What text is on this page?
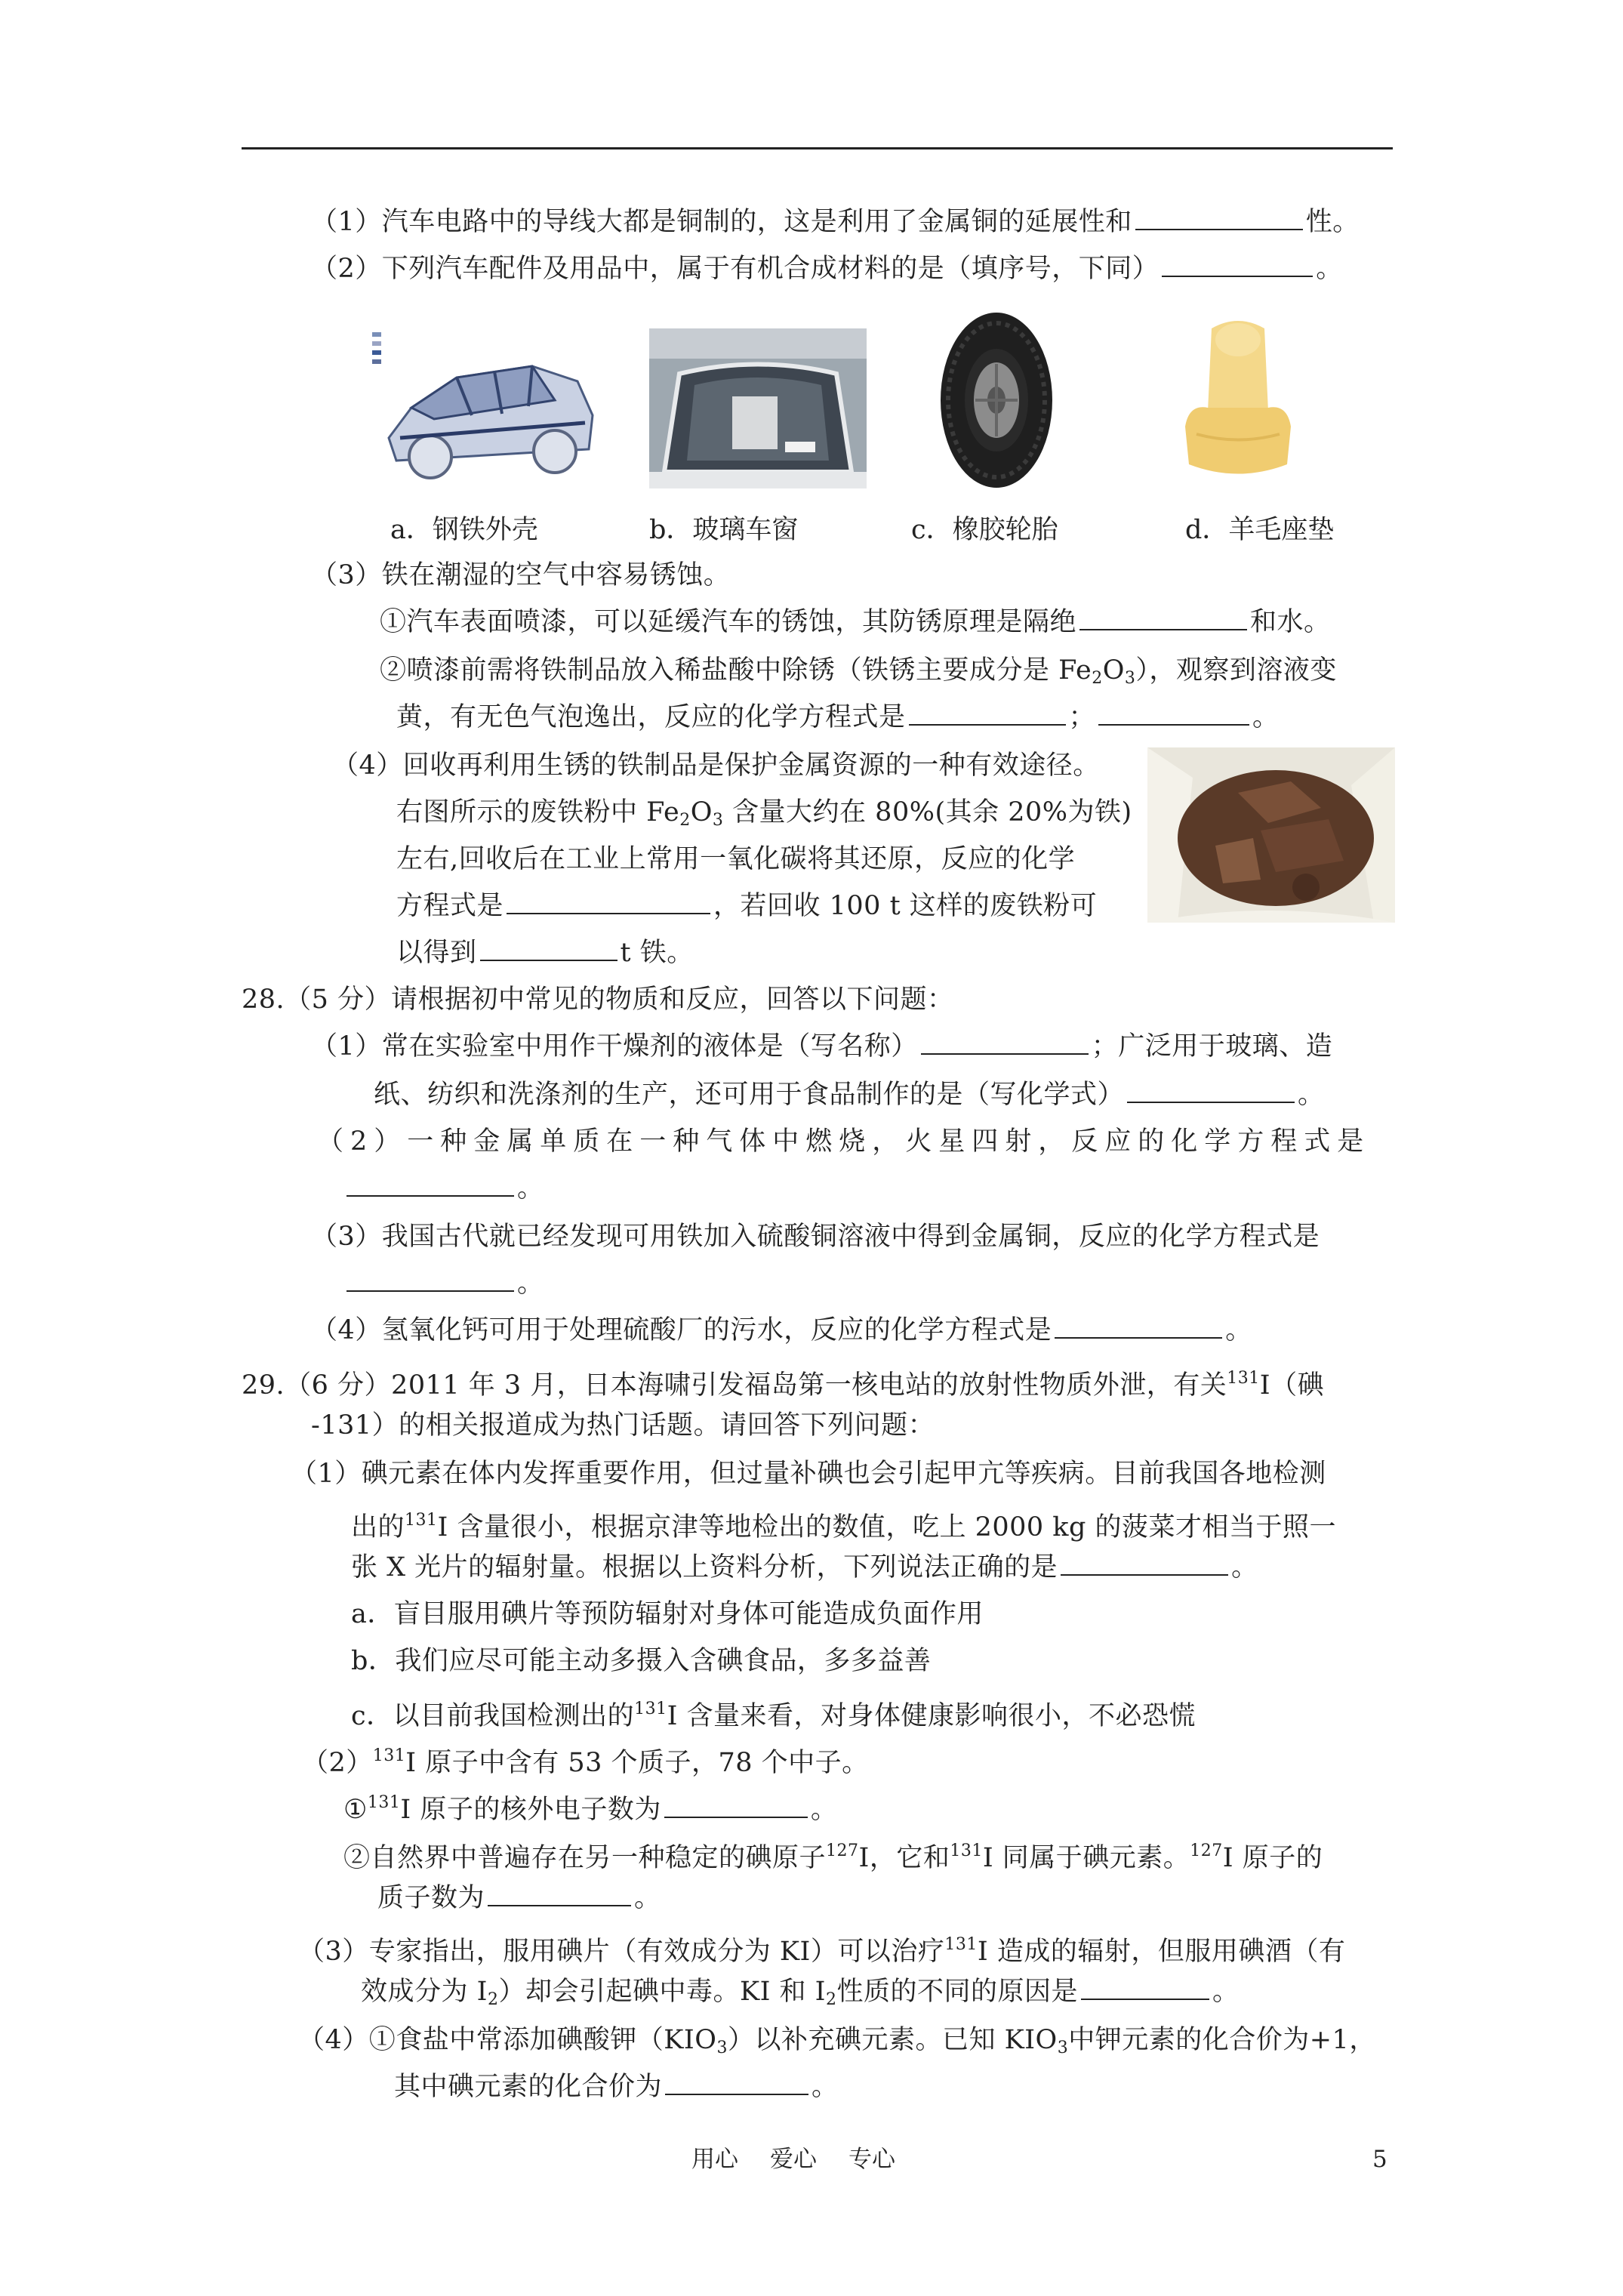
（1）汽车电路中的导线大都是铜制的，这是利用了金属铜的延展性和	性。
（2）下列汽车配件及用品中，属于有机合成材料的是（填序号，下同）	。
a．钢铁外壳	b．玻璃车窗	c．橡胶轮胎	d．羊毛座垫
（3）铁在潮湿的空气中容易锈蚀。
①汽车表面喷漆，可以延缓汽车的锈蚀，其防锈原理是隔绝	和水。
②喷漆前需将铁制品放入稀盐酸中除锈（铁锈主要成分是 $Fe_2O_3$），观察到溶液变
黄，有无色气泡逸出，反应的化学方程式是	；	。
（4）回收再利用生锈的铁制品是保护金属资源的一种有效途径。
右图所示的废铁粉中 $Fe_2O_3$ 含量大约在 80%(其余 20%为铁)
左右,回收后在工业上常用一氧化碳将其还原，反应的化学
方程式是	，若回收 100 t 这样的废铁粉可
以得到	t 铁。
28.（5 分）请根据初中常见的物质和反应，回答以下问题：
（1）常在实验室中用作干燥剂的液体是（写名称）	；广泛用于玻璃、造
纸、纺织和洗涤剂的生产，还可用于食品制作的是（写化学式）	。
（2）一种金属单质在一种气体中燃烧，火星四射，反应的化学方程式是
。
（3）我国古代就已经发现可用铁加入硫酸铜溶液中得到金属铜，反应的化学方程式是
。
（4）氢氧化钙可用于处理硫酸厂的污水，反应的化学方程式是	。
29.（6 分）2011 年 3 月，日本海啸引发福岛第一核电站的放射性物质外泄，有关$^{131}$I（碘
-131）的相关报道成为热门话题。请回答下列问题：
（1）碘元素在体内发挥重要作用，但过量补碘也会引起甲亢等疾病。目前我国各地检测
出的$^{131}$I 含量很小，根据京津等地检出的数值，吃上 2000 kg 的菠菜才相当于照一
张 X 光片的辐射量。根据以上资料分析，下列说法正确的是	。
a．盲目服用碘片等预防辐射对身体可能造成负面作用
b．我们应尽可能主动多摄入含碘食品，多多益善
c．以目前我国检测出的$^{131}$I 含量来看，对身体健康影响很小，不必恐慌
$(2)^{131}I$ 原子中含有 53 个质子，78 个中子。
①$^{131}$I 原子的核外电子数为	。
②自然界中普遍存在另一种稳定的碘原子$^{127}$I，它和$^{131}$I 同属于碘元素。$^{127}$I 原子的
质子数为	。
（3）专家指出，服用碘片（有效成分为 KI）可以治疗$^{131}$I 造成的辐射，但服用碘酒（有
效成分为 $I_2$）却会引起碘中毒。KI 和 $I_2$性质的不同的原因是	。
（4）①食盐中常添加碘酸钾$(KIO_3)$以补充碘元素。已知 $KIO_3$中钾元素的化合价为+1，
其中碘元素的化合价为	。
用心 爱心 专心	5
